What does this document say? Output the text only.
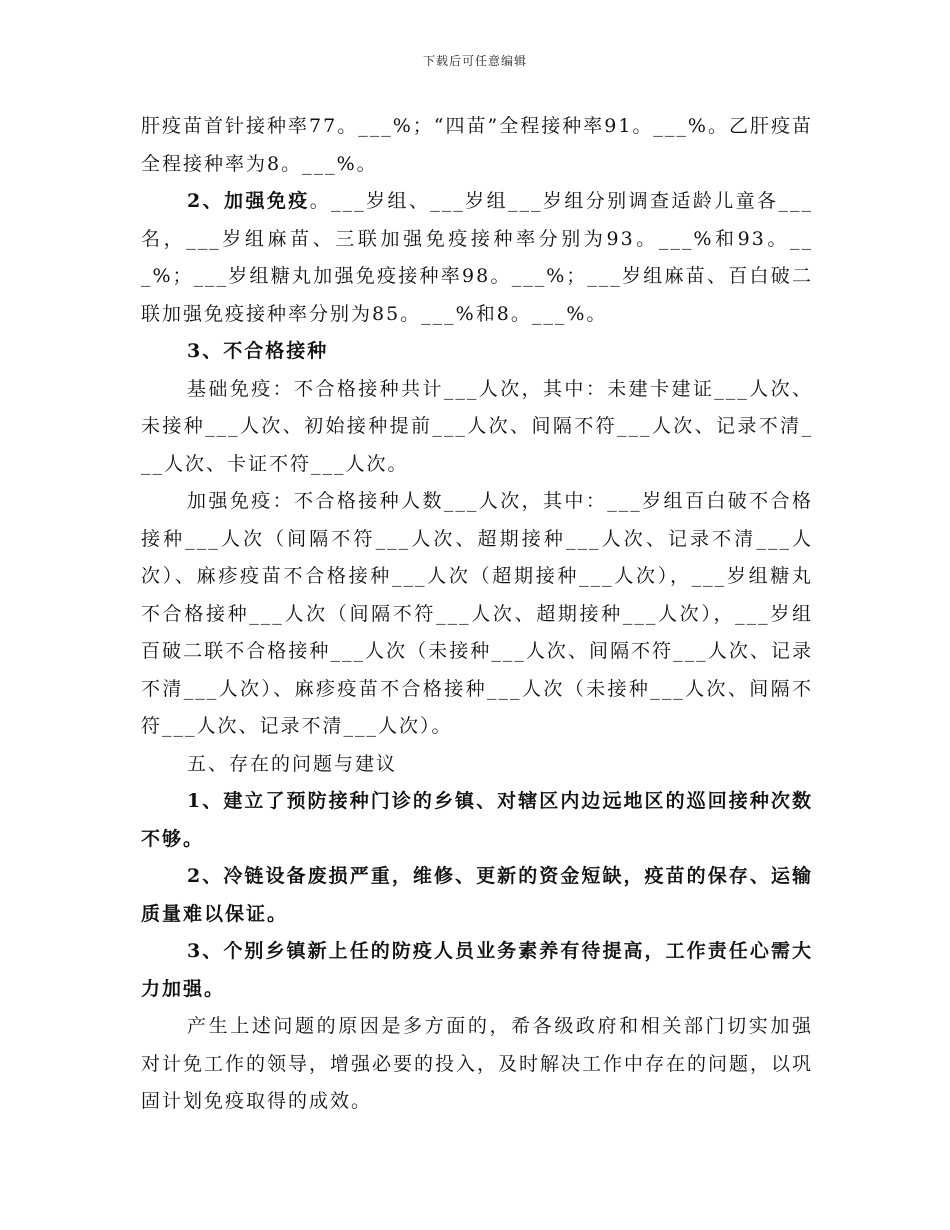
下载后可任意编辑

肝疫苗首针接种率77。___%；“四苗”全程接种率91。___%。乙肝疫苗全程接种率为8。___%。

2、加强免疫。___岁组、___岁组___岁组分别调查适龄儿童各___名，___岁组麻苗、三联加强免疫接种率分别为93。___%和93。___%；___岁组糖丸加强免疫接种率98。___%；___岁组麻苗、百白破二联加强免疫接种率分别为85。___%和8。___%。

3、不合格接种

基础免疫：不合格接种共计___人次，其中：未建卡建证___人次、未接种___人次、初始接种提前___人次、间隔不符___人次、记录不清___人次、卡证不符___人次。

加强免疫：不合格接种人数___人次，其中：___岁组百白破不合格接种___人次（间隔不符___人次、超期接种___人次、记录不清___人次）、麻疹疫苗不合格接种___人次（超期接种___人次），___岁组糖丸不合格接种___人次（间隔不符___人次、超期接种___人次），___岁组百破二联不合格接种___人次（未接种___人次、间隔不符___人次、记录不清___人次）、麻疹疫苗不合格接种___人次（未接种___人次、间隔不符___人次、记录不清___人次）。

五、存在的问题与建议

1、建立了预防接种门诊的乡镇、对辖区内边远地区的巡回接种次数不够。

2、冷链设备废损严重，维修、更新的资金短缺，疫苗的保存、运输质量难以保证。

3、个别乡镇新上任的防疫人员业务素养有待提高，工作责任心需大力加强。

产生上述问题的原因是多方面的，希各级政府和相关部门切实加强对计免工作的领导，增强必要的投入，及时解决工作中存在的问题，以巩固计划免疫取得的成效。
